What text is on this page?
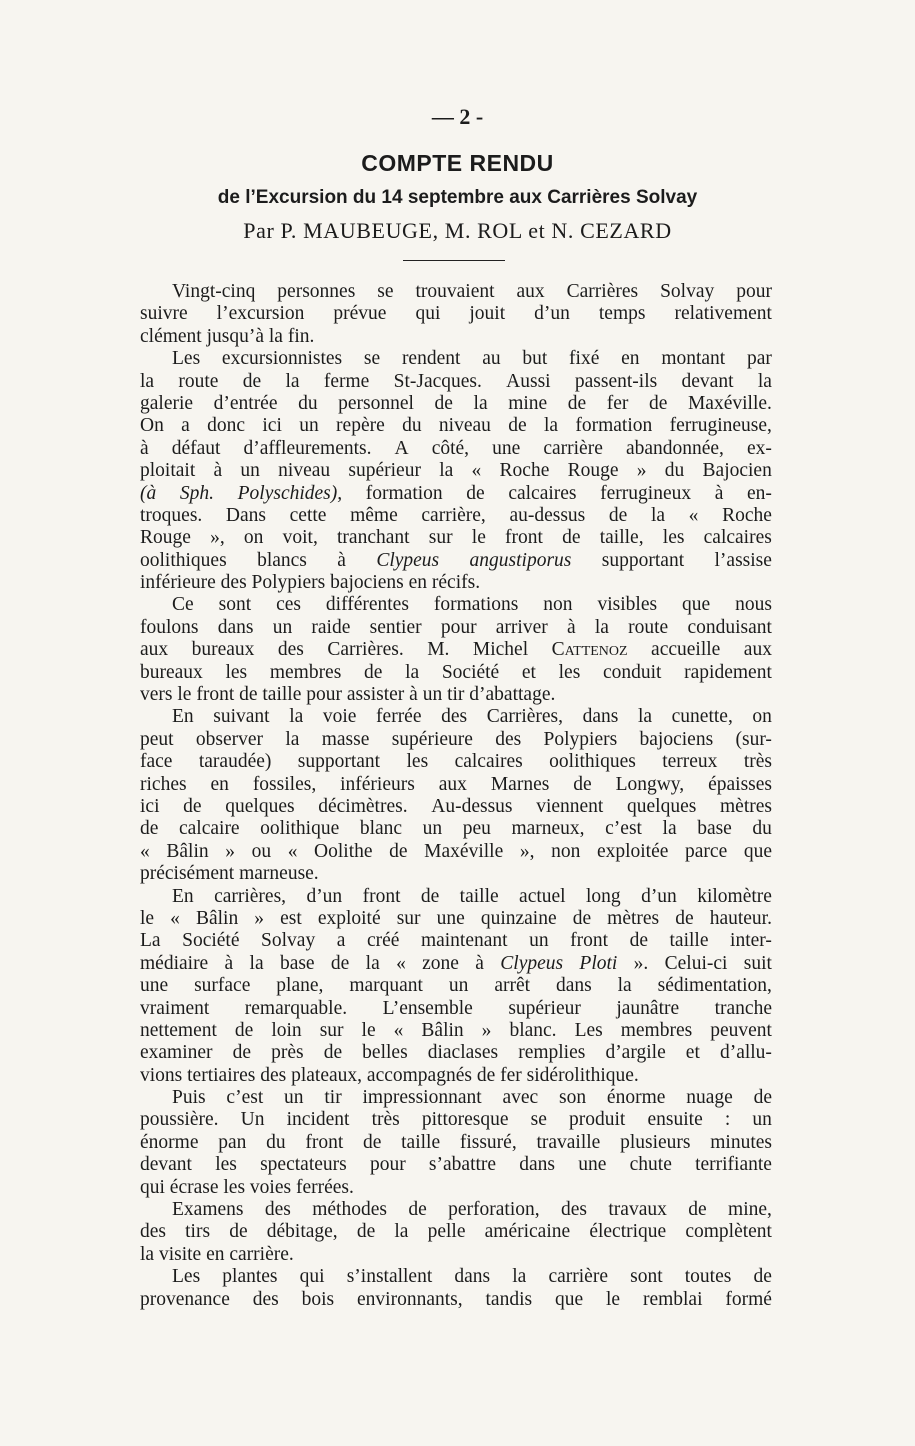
— 2 -
COMPTE RENDU
de l’Excursion du 14 septembre aux Carrières Solvay
Par P. MAUBEUGE, M. ROL et N. CEZARD
Vingt-cinq personnes se trouvaient aux Carrières Solvay pour
suivre l’excursion prévue qui jouit d’un temps relativement
clément jusqu’à la fin.
Les excursionnistes se rendent au but fixé en montant par
la route de la ferme St-Jacques. Aussi passent-ils devant la
galerie d’entrée du personnel de la mine de fer de Maxéville.
On a donc ici un repère du niveau de la formation ferrugineuse,
à défaut d’affleurements. A côté, une carrière abandonnée, ex-
ploitait à un niveau supérieur la « Roche Rouge » du Bajocien
(à Sph. Polyschides), formation de calcaires ferrugineux à en-
troques. Dans cette même carrière, au-dessus de la « Roche
Rouge », on voit, tranchant sur le front de taille, les calcaires
oolithiques blancs à Clypeus angustiporus supportant l’assise
inférieure des Polypiers bajociens en récifs.
Ce sont ces différentes formations non visibles que nous
foulons dans un raide sentier pour arriver à la route conduisant
aux bureaux des Carrières. M. Michel Cattenoz accueille aux
bureaux les membres de la Société et les conduit rapidement
vers le front de taille pour assister à un tir d’abattage.
En suivant la voie ferrée des Carrières, dans la cunette, on
peut observer la masse supérieure des Polypiers bajociens (sur-
face taraudée) supportant les calcaires oolithiques terreux très
riches en fossiles, inférieurs aux Marnes de Longwy, épaisses
ici de quelques décimètres. Au-dessus viennent quelques mètres
de calcaire oolithique blanc un peu marneux, c’est la base du
« Bâlin » ou « Oolithe de Maxéville », non exploitée parce que
précisément marneuse.
En carrières, d’un front de taille actuel long d’un kilomètre
le « Bâlin » est exploité sur une quinzaine de mètres de hauteur.
La Société Solvay a créé maintenant un front de taille inter-
médiaire à la base de la « zone à Clypeus Ploti ». Celui-ci suit
une surface plane, marquant un arrêt dans la sédimentation,
vraiment remarquable. L’ensemble supérieur jaunâtre tranche
nettement de loin sur le « Bâlin » blanc. Les membres peuvent
examiner de près de belles diaclases remplies d’argile et d’allu-
vions tertiaires des plateaux, accompagnés de fer sidérolithique.
Puis c’est un tir impressionnant avec son énorme nuage de
poussière. Un incident très pittoresque se produit ensuite : un
énorme pan du front de taille fissuré, travaille plusieurs minutes
devant les spectateurs pour s’abattre dans une chute terrifiante
qui écrase les voies ferrées.
Examens des méthodes de perforation, des travaux de mine,
des tirs de débitage, de la pelle américaine électrique complètent
la visite en carrière.
Les plantes qui s’installent dans la carrière sont toutes de
provenance des bois environnants, tandis que le remblai formé
